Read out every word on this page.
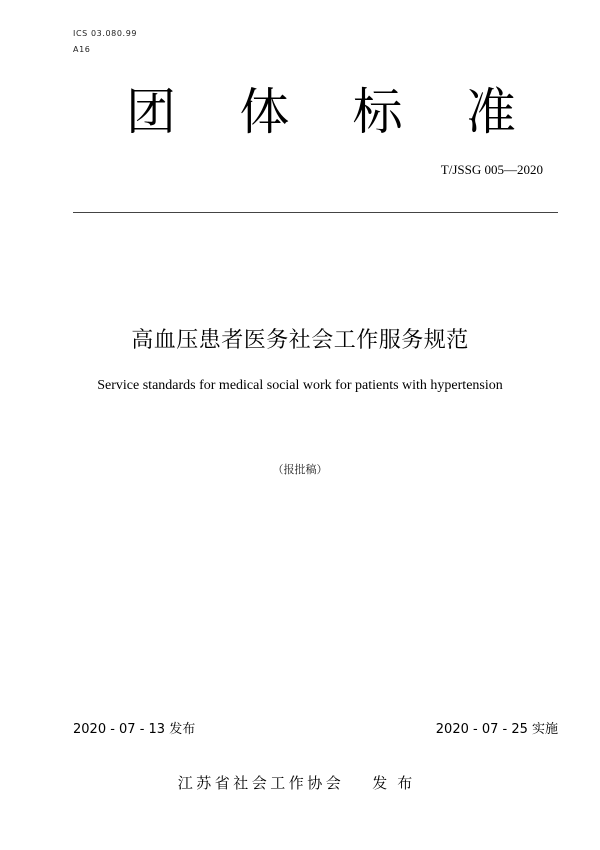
ICS 03.080.99
A16
团 体 标 准
T/JSSG 005—2020
高血压患者医务社会工作服务规范
Service standards for medical social work for patients with hypertension
（报批稿）
2020 - 07 - 13 发布	2020 - 07 - 25 实施
江苏省社会工作协会 发布
